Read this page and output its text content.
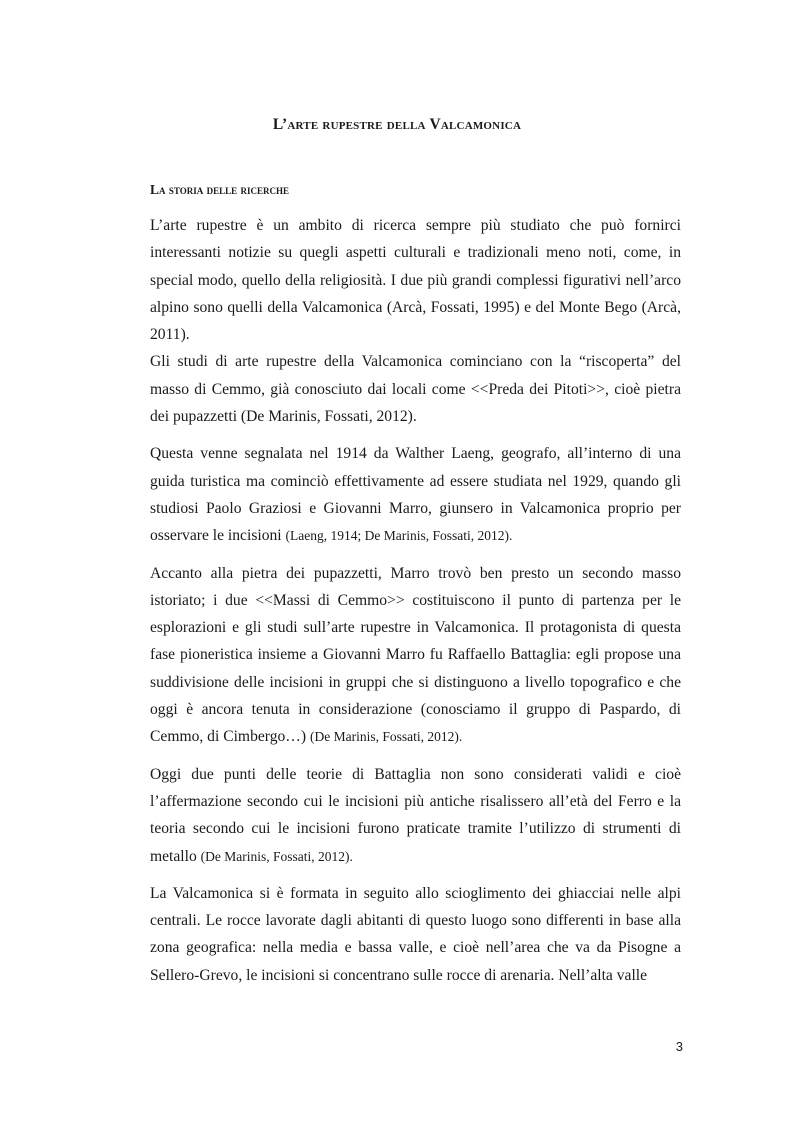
L’arte rupestre della Valcamonica
La storia delle ricerche

L’arte rupestre è un ambito di ricerca sempre più studiato che può fornirci interessanti notizie su quegli aspetti culturali e tradizionali meno noti, come, in special modo, quello della religiosità. I due più grandi complessi figurativi nell’arco alpino sono quelli della Valcamonica (Arcà, Fossati, 1995) e del Monte Bego (Arcà, 2011).

Gli studi di arte rupestre della Valcamonica cominciano con la “riscoperta” del masso di Cemmo, già conosciuto dai locali come <<Preda dei Pitoti>>, cioè pietra dei pupazzetti (De Marinis, Fossati, 2012).

Questa venne segnalata nel 1914 da Walther Laeng, geografo, all’interno di una guida turistica ma cominciò effettivamente ad essere studiata nel 1929, quando gli studiosi Paolo Graziosi e Giovanni Marro, giunsero in Valcamonica proprio per osservare le incisioni (Laeng, 1914; De Marinis, Fossati, 2012).

Accanto alla pietra dei pupazzetti, Marro trovò ben presto un secondo masso istoriato; i due <<Massi di Cemmo>> costituiscono il punto di partenza per le esplorazioni e gli studi sull’arte rupestre in Valcamonica. Il protagonista di questa fase pioneristica insieme a Giovanni Marro fu Raffaello Battaglia: egli propose una suddivisione delle incisioni in gruppi che si distinguono a livello topografico e che oggi è ancora tenuta in considerazione (conosciamo il gruppo di Paspardo, di Cemmo, di Cimbergo…) (De Marinis, Fossati, 2012).

Oggi due punti delle teorie di Battaglia non sono considerati validi e cioè l’affermazione secondo cui le incisioni più antiche risalissero all’età del Ferro e la teoria secondo cui le incisioni furono praticate tramite l’utilizzo di strumenti di metallo (De Marinis, Fossati, 2012).

La Valcamonica si è formata in seguito allo scioglimento dei ghiacciai nelle alpi centrali. Le rocce lavorate dagli abitanti di questo luogo sono differenti in base alla zona geografica: nella media e bassa valle, e cioè nell’area che va da Pisogne a Sellero-Grevo, le incisioni si concentrano sulle rocce di arenaria. Nell’alta valle

3
